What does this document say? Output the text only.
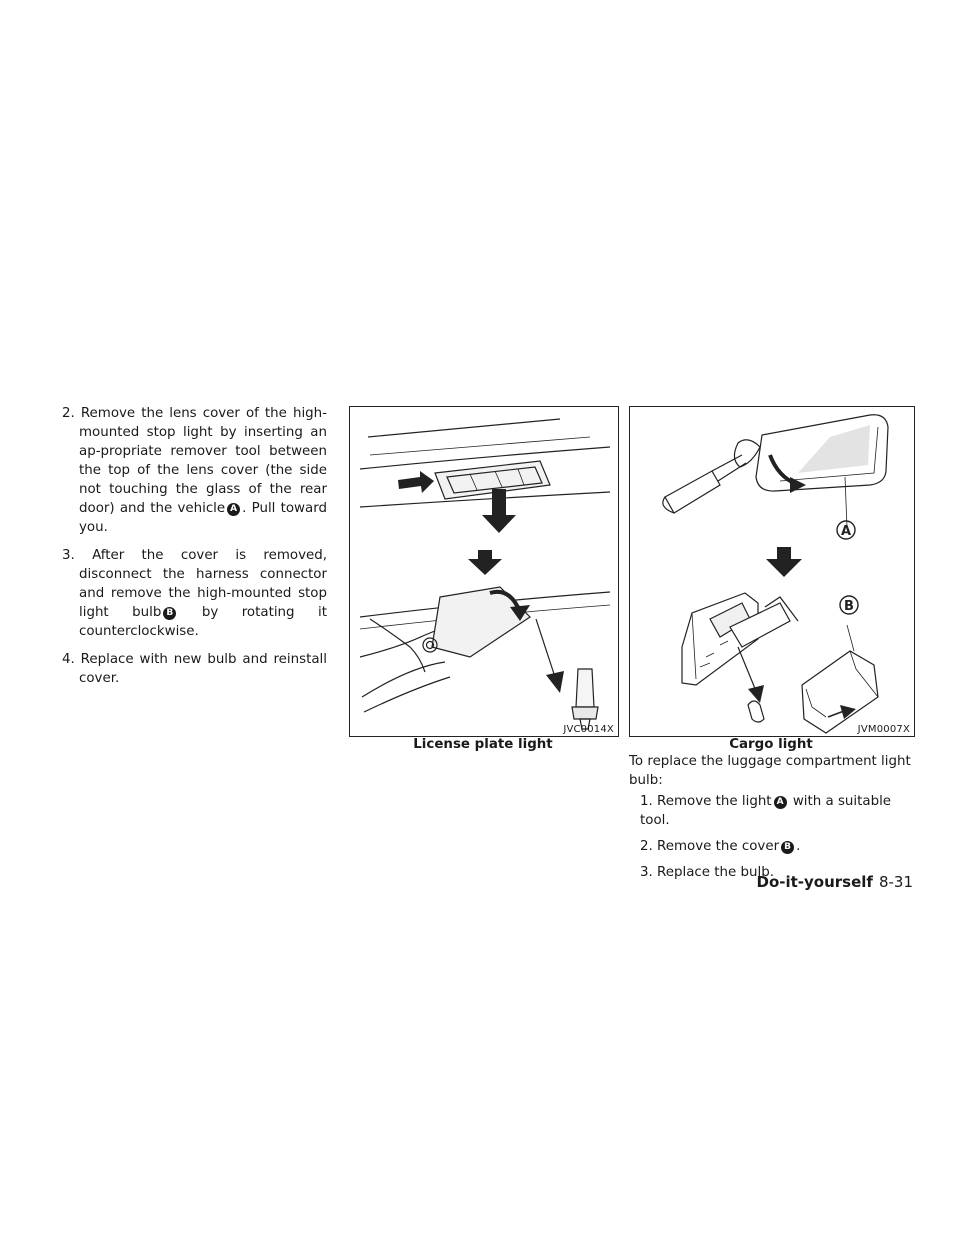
2. Remove the lens cover of the high-mounted stop light by inserting an ap-propriate remover tool between the top of the lens cover (the side not touching the glass of the rear door) and the vehicle A . Pull toward you.

3. After the cover is removed, disconnect the harness connector and remove the high-mounted stop light bulb B by rotating it counterclockwise.

4. Replace with new bulb and reinstall cover.

JVC0014X
License plate light
A
B
JVM0007X
Cargo light

To replace the luggage compartment light bulb:

1. Remove the light A with a suitable tool.

2. Remove the cover B .

3. Replace the bulb.

Do-it-yourself 8-31
